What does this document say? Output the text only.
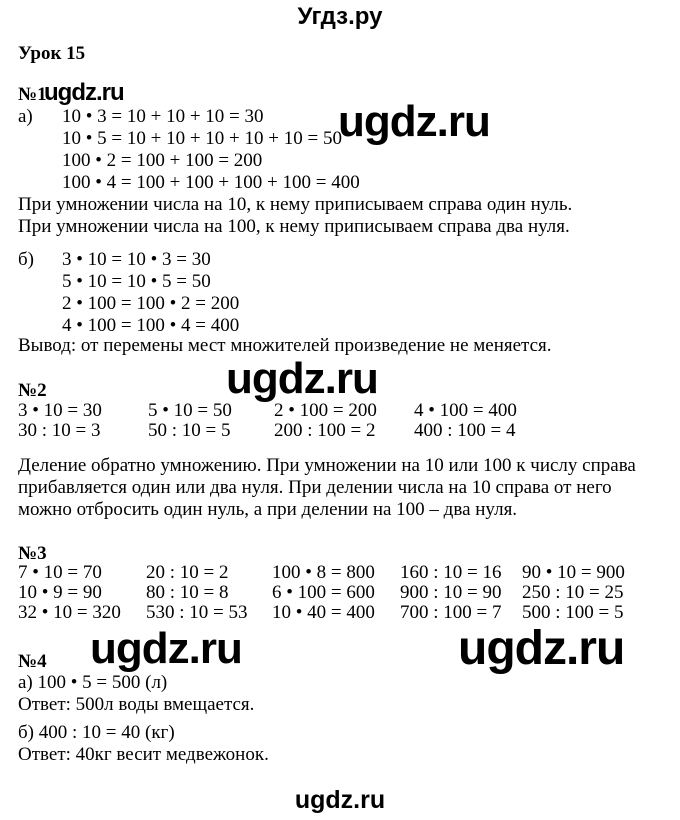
Угдз.ру
Урок 15
№1
ugdz.ru
ugdz.ru
а)	10 • 3 = 10 + 10 + 10 = 30
10 • 5 = 10 + 10 + 10 + 10 + 10 = 50
100 • 2 = 100 + 100 = 200
100 • 4 = 100 + 100 + 100 + 100 = 400
При умножении числа на 10, к нему приписываем справа один нуль.
При умножении числа на 100, к нему приписываем справа два нуля.
б)	3 • 10 = 10 • 3 = 30
5 • 10 = 10 • 5 = 50
2 • 100 = 100 • 2 = 200
4 • 100 = 100 • 4 = 400
Вывод: от перемены мест множителей произведение не меняется.
ugdz.ru
№2
3 • 10 = 30	5 • 10 = 50	2 • 100 = 200	4 • 100 = 400
30 : 10 = 3	50 : 10 = 5	200 : 100 = 2	400 : 100 = 4
Деление обратно умножению. При умножении на 10 или 100 к числу справа
прибавляется один или два нуля. При делении числа на 10 справа от него
можно отбросить один нуль, а при делении на 100 – два нуля.
№3
7 • 10 = 70	20 : 10 = 2	100 • 8 = 800	160 : 10 = 16	90 • 10 = 900
10 • 9 = 90	80 : 10 = 8	6 • 100 = 600	900 : 10 = 90	250 : 10 = 25
32 • 10 = 320	530 : 10 = 53	10 • 40 = 400	700 : 100 = 7	500 : 100 = 5
ugdz.ru	ugdz.ru
№4
а) 100 • 5 = 500 (л)
Ответ: 500л воды вмещается.
б) 400 : 10 = 40 (кг)
Ответ: 40кг весит медвежонок.
ugdz.ru
